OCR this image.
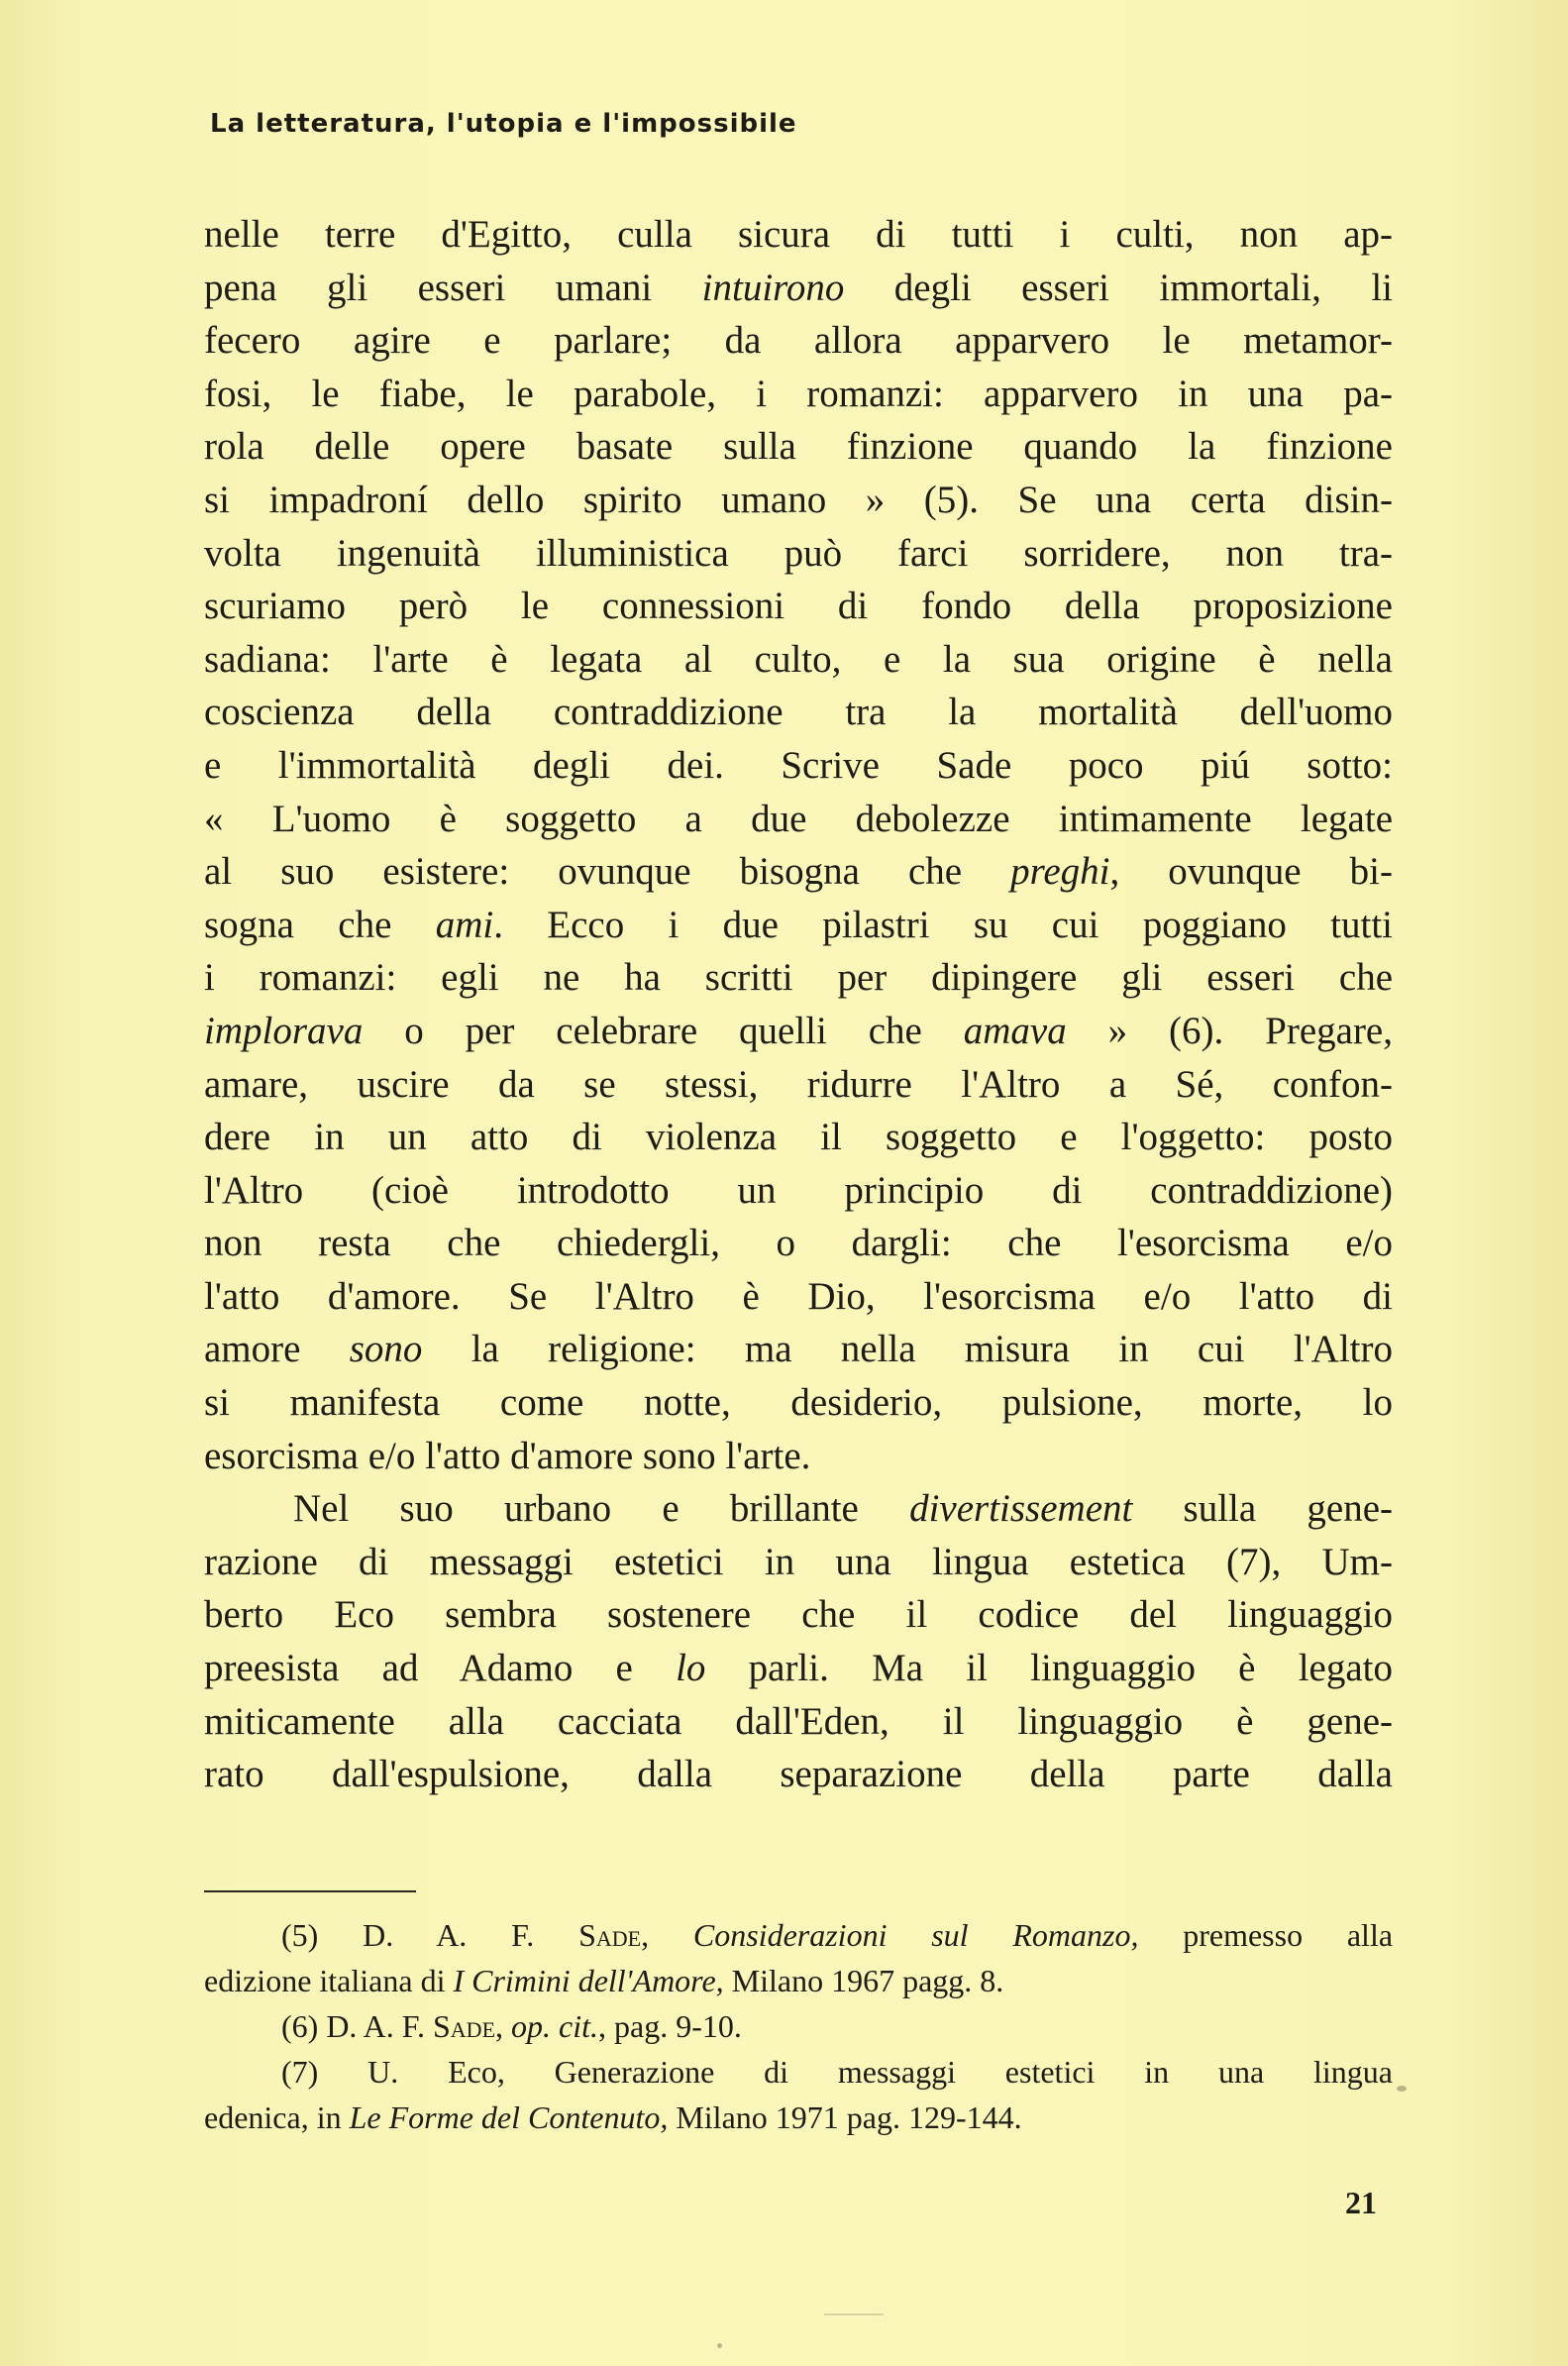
La letteratura, l'utopia e l'impossibile

nelle terre d'Egitto, culla sicura di tutti i culti, non ap-
pena gli esseri umani intuirono degli esseri immortali, li
fecero agire e parlare; da allora apparvero le metamor-
fosi, le fiabe, le parabole, i romanzi: apparvero in una pa-
rola delle opere basate sulla finzione quando la finzione
si impadroní dello spirito umano » (5). Se una certa disin-
volta ingenuità illuministica può farci sorridere, non tra-
scuriamo però le connessioni di fondo della proposizione
sadiana: l'arte è legata al culto, e la sua origine è nella
coscienza della contraddizione tra la mortalità dell'uomo
e l'immortalità degli dei. Scrive Sade poco piú sotto:
« L'uomo è soggetto a due debolezze intimamente legate
al suo esistere: ovunque bisogna che preghi, ovunque bi-
sogna che ami. Ecco i due pilastri su cui poggiano tutti
i romanzi: egli ne ha scritti per dipingere gli esseri che
implorava o per celebrare quelli che amava » (6). Pregare,
amare, uscire da se stessi, ridurre l'Altro a Sé, confon-
dere in un atto di violenza il soggetto e l'oggetto: posto
l'Altro (cioè introdotto un principio di contraddizione)
non resta che chiedergli, o dargli: che l'esorcisma e/o
l'atto d'amore. Se l'Altro è Dio, l'esorcisma e/o l'atto di
amore sono la religione: ma nella misura in cui l'Altro
si manifesta come notte, desiderio, pulsione, morte, lo
esorcisma e/o l'atto d'amore sono l'arte.

Nel suo urbano e brillante divertissement sulla gene-
razione di messaggi estetici in una lingua estetica (7), Um-
berto Eco sembra sostenere che il codice del linguaggio
preesista ad Adamo e lo parli. Ma il linguaggio è legato
miticamente alla cacciata dall'Eden, il linguaggio è gene-
rato dall'espulsione, dalla separazione della parte dalla

(5) D. A. F. Sade, Considerazioni sul Romanzo, premesso alla
edizione italiana di I Crimini dell'Amore, Milano 1967 pagg. 8.
(6) D. A. F. Sade, op. cit., pag. 9-10.
(7) U. Eco, Generazione di messaggi estetici in una lingua
edenica, in Le Forme del Contenuto, Milano 1971 pag. 129-144.
21
